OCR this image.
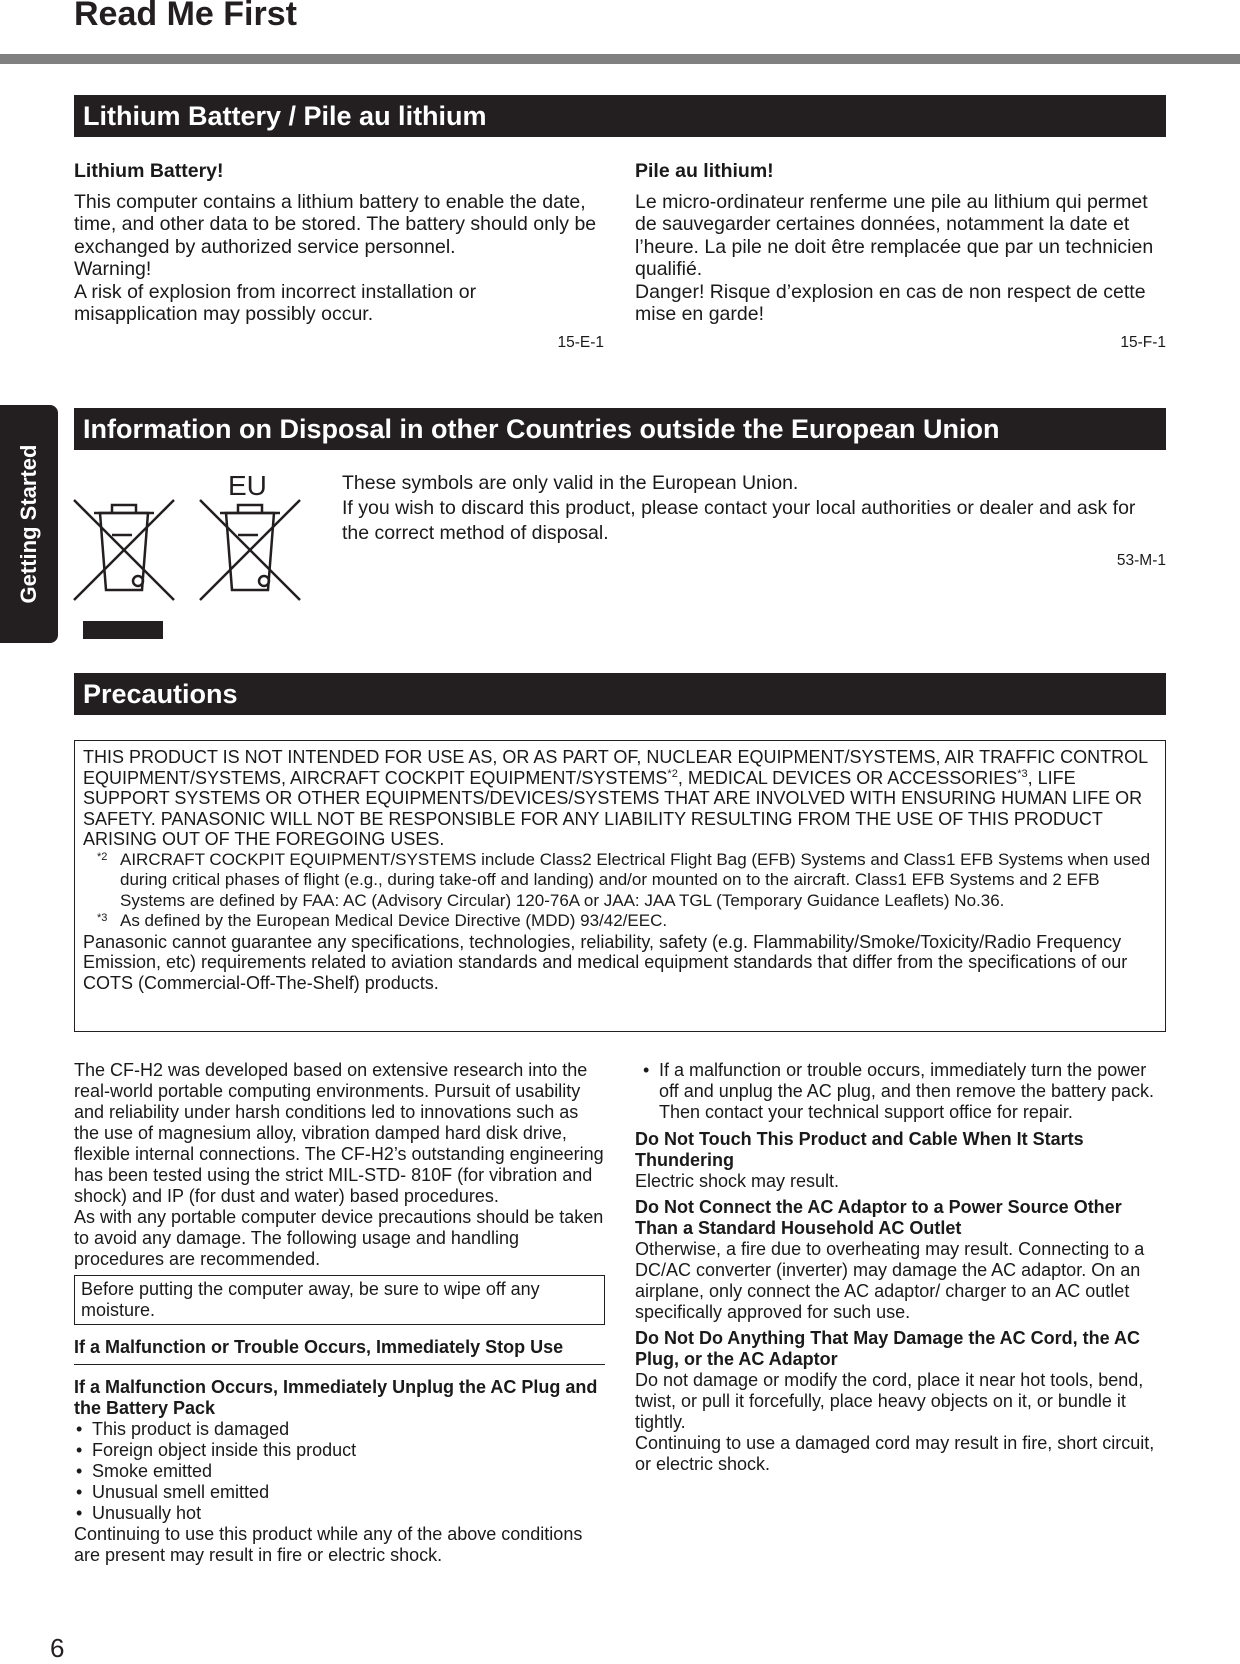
Read Me First
Getting Started
Lithium Battery / Pile au lithium
Lithium Battery!
This computer contains a lithium battery to enable the date, time, and other data to be stored. The battery should only be exchanged by authorized service personnel.
Warning!
A risk of explosion from incorrect installation or misapplication may possibly occur.
15-E-1
Pile au lithium!
Le micro-ordinateur renferme une pile au lithium qui permet de sauvegarder certaines données, notamment la date et l’heure. La pile ne doit être remplacée que par un technicien qualifié.
Danger! Risque d’explosion en cas de non respect de cette mise en garde!
15-F-1
Information on Disposal in other Countries outside the European Union
EU	These symbols are only valid in the European Union.
If you wish to discard this product, please contact your local authorities or dealer and ask for the correct method of disposal.
53-M-1
Precautions
THIS PRODUCT IS NOT INTENDED FOR USE AS, OR AS PART OF, NUCLEAR EQUIPMENT/SYSTEMS, AIR TRAFFIC CONTROL EQUIPMENT/SYSTEMS, AIRCRAFT COCKPIT EQUIPMENT/SYSTEMS$^{*2}$, MEDICAL DEVICES OR ACCESSORIES$^{*3}$, LIFE SUPPORT SYSTEMS OR OTHER EQUIPMENTS/DEVICES/SYSTEMS THAT ARE INVOLVED WITH ENSURING HUMAN LIFE OR SAFETY. PANASONIC WILL NOT BE RESPONSIBLE FOR ANY LIABILITY RESULTING FROM THE USE OF THIS PRODUCT ARISING OUT OF THE FOREGOING USES.
*2 AIRCRAFT COCKPIT EQUIPMENT/SYSTEMS include Class2 Electrical Flight Bag (EFB) Systems and Class1 EFB Systems when used during critical phases of flight (e.g., during take-off and landing) and/or mounted on to the aircraft. Class1 EFB Systems and 2 EFB Systems are defined by FAA: AC (Advisory Circular) 120-76A or JAA: JAA TGL (Temporary Guidance Leaflets) No.36.
*3 As defined by the European Medical Device Directive (MDD) 93/42/EEC.
Panasonic cannot guarantee any specifications, technologies, reliability, safety (e.g. Flammability/Smoke/Toxicity/Radio Frequency Emission, etc) requirements related to aviation standards and medical equipment standards that differ from the specifications of our COTS (Commercial-Off-The-Shelf) products.
The CF-H2 was developed based on extensive research into the real-world portable computing environments. Pursuit of usability and reliability under harsh conditions led to innovations such as the use of magnesium alloy, vibration damped hard disk drive, flexible internal connections. The CF-H2’s outstanding engineering has been tested using the strict MIL-STD- 810F (for vibration and shock) and IP (for dust and water) based procedures.
As with any portable computer device precautions should be taken to avoid any damage. The following usage and handling procedures are recommended.
Before putting the computer away, be sure to wipe off any moisture.
If a Malfunction or Trouble Occurs, Immediately Stop Use
If a Malfunction Occurs, Immediately Unplug the AC Plug and the Battery Pack
• This product is damaged
• Foreign object inside this product
• Smoke emitted
• Unusual smell emitted
• Unusually hot
Continuing to use this product while any of the above conditions are present may result in fire or electric shock.
• If a malfunction or trouble occurs, immediately turn the power off and unplug the AC plug, and then remove the battery pack. Then contact your technical support office for repair.
Do Not Touch This Product and Cable When It Starts Thundering
Electric shock may result.
Do Not Connect the AC Adaptor to a Power Source Other Than a Standard Household AC Outlet
Otherwise, a fire due to overheating may result. Connecting to a DC/AC converter (inverter) may damage the AC adaptor. On an airplane, only connect the AC adaptor/ charger to an AC outlet specifically approved for such use.
Do Not Do Anything That May Damage the AC Cord, the AC Plug, or the AC Adaptor
Do not damage or modify the cord, place it near hot tools, bend, twist, or pull it forcefully, place heavy objects on it, or bundle it tightly.
Continuing to use a damaged cord may result in fire, short circuit, or electric shock.
6
